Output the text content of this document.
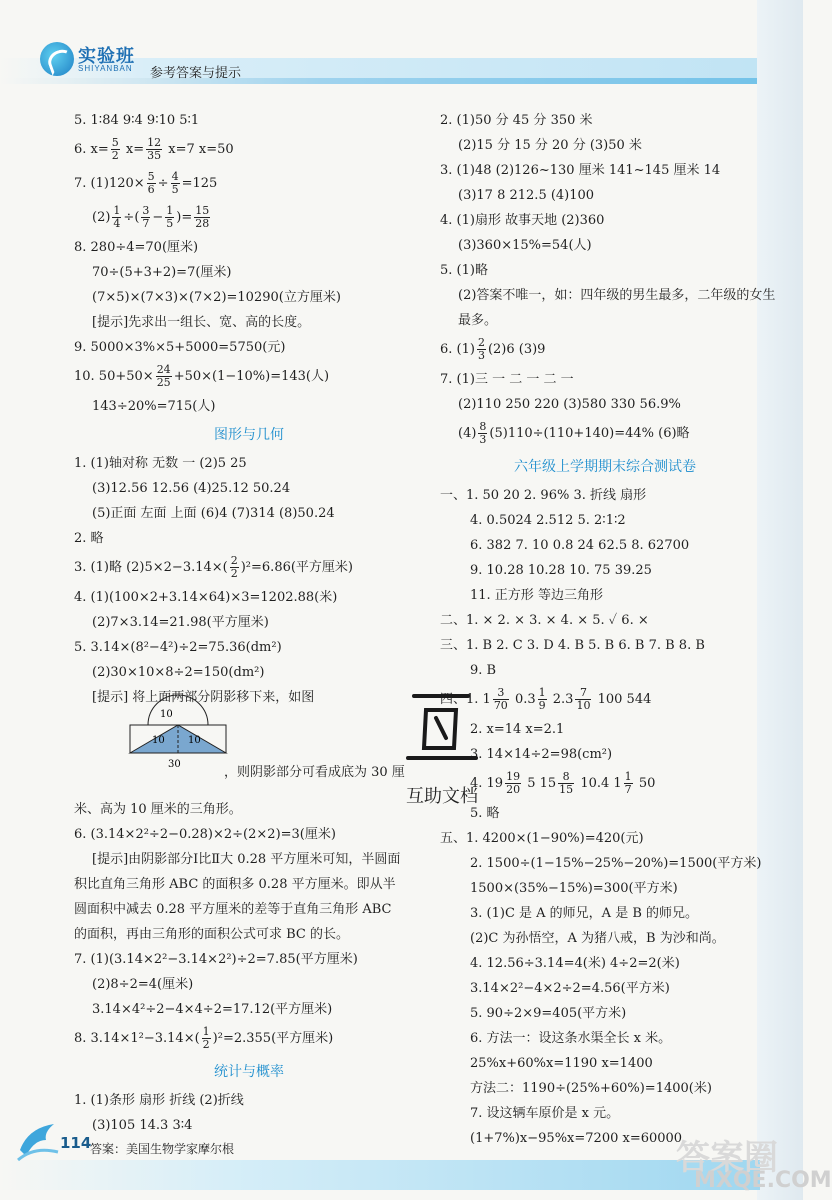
实验班
SHIYANBAN 参考答案与提示
5. 1∶84 9∶4 9∶10 5∶1
6. $x= \frac{5}{2} x= \frac{12}{35} x=7$ x=50
7. $(1)120\times \frac{5}{6} \div \frac{4}{5} =125$
$(2) \frac{1}{4}$ ÷( $\frac{3}{7} - \frac{1}{5}$ )= $\frac{15}{28}$
8. 280÷4=70(厘米)
70÷(5+3+2)=7(厘米)
(7×5)×(7×3)×(7×2)=10290(立方厘米)
[提示]先求出一组长、宽、高的长度。
9. 5000×3%×5+5000=5750(元)
10. $50+50\times \frac{24}{25} +50\times(1-10\%)=143$(人)
143÷20%=715(人)
图形与几何
1. (1)轴对称 无数 一 (2)5 25
(3)12.56 12.56 (4)25.12 50.24
(5)正面 左面 上面 (6)4 (7)314 (8)50.24
2. 略
3. (1)略 $(2)5\times 2-3.14\times( \frac{2}{2} )^2=6.86$(平方厘米)
4. (1)(100×2+3.14×64)×3=1202.88(米)
(2)7×3.14=21.98(平方厘米)
5. 3.14×(8²−4²)÷2=75.36(dm²)
(2)30×10×8÷2=150(dm²)
[提示] 将上面两部分阴影移下来，如图
，则阴影部分可看成底为 30 厘
米、高为 10 厘米的三角形。
6. (3.14×2²÷2−0.28)×2÷(2×2)=3(厘米)
[提示]由阴影部分Ⅰ比Ⅱ大 0.28 平方厘米可知，半圆面
积比直角三角形 ABC 的面积多 0.28 平方厘米。即从半
圆面积中减去 0.28 平方厘米的差等于直角三角形 ABC
的面积，再由三角形的面积公式可求 BC 的长。
7. (1)(3.14×2²−3.14×2²)÷2=7.85(平方厘米)
(2)8÷2=4(厘米)
3.14×4²÷2−4×4÷2=17.12(平方厘米)
8. $3.14\times 1^2-3.14\times( \frac{1}{2} )^2=2.355$(平方厘米)
统计与概率
1. (1)条形 扇形 折线 (2)折线
(3)105 14.3 3∶4
10
10 10
30
2. (1)50 分 45 分 350 米
(2)15 分 15 分 20 分 (3)50 米
3. (1)48 (2)126~130 厘米 141~145 厘米 14
(3)17 8 212.5 (4)100
4. (1)扇形 故事天地 (2)360
(3)360×15%=54(人)
5. (1)略
(2)答案不唯一，如：四年级的男生最多，二年级的女生
最多。
6. $(1) \frac{2}{3} (2)6$ (3)9
7. (1)三 一 二 一 二 一
(2)110 250 220 (3)580 330 56.9%
$(4) \frac{8}{3} (5)110\div(110+140)=44\%$ (6)略
六年级上学期期末综合测试卷
一、1. 50 20 2. 96% 3. 折线 扇形
4. 0.5024 2.512 5. 2∶1∶2
6. 382 7. 10 0.8 24 62.5 8. 62700
9. 10.28 10.28 10. 75 39.25
11. 正方形 等边三角形
二、1. × 2. × 3. × 4. × 5. ✓ 6. ×
三、1. B 2. C 3. D 4. B 5. B 6. B 7. B 8. B
9. B
四、1. $1 \frac{3}{70} 0.3 \frac{1}{9} 2.3 \frac{7}{10} 100$ 544
2. x=14 x=2.1
3. 14×14÷2=98(cm²)
4. $19 \frac{19}{20} 5$ $15 \frac{8}{15} 10.4$ $1 \frac{1}{7} 50$
5. 略
五、1. 4200×(1−90%)=420(元)
2. 1500÷(1−15%−25%−20%)=1500(平方米)
1500×(35%−15%)=300(平方米)
3. (1)C 是 A 的师兄，A 是 B 的师兄。
(2)C 为孙悟空，A 为猪八戒，B 为沙和尚。
4. 12.56÷3.14=4(米) 4÷2=2(米)
3.14×2²−4×2÷2=4.56(平方米)
5. 90÷2×9=405(平方米)
6. 方法一：设这条水渠全长 x 米。
25%x+60%x=1190 x=1400
方法二：1190÷(25%+60%)=1400(米)
7. 设这辆车原价是 x 元。
(1+7%)x−95%x=7200 x=60000
互助文档
114
答案：美国生物学家摩尔根	答案圈
MXQE.COM
